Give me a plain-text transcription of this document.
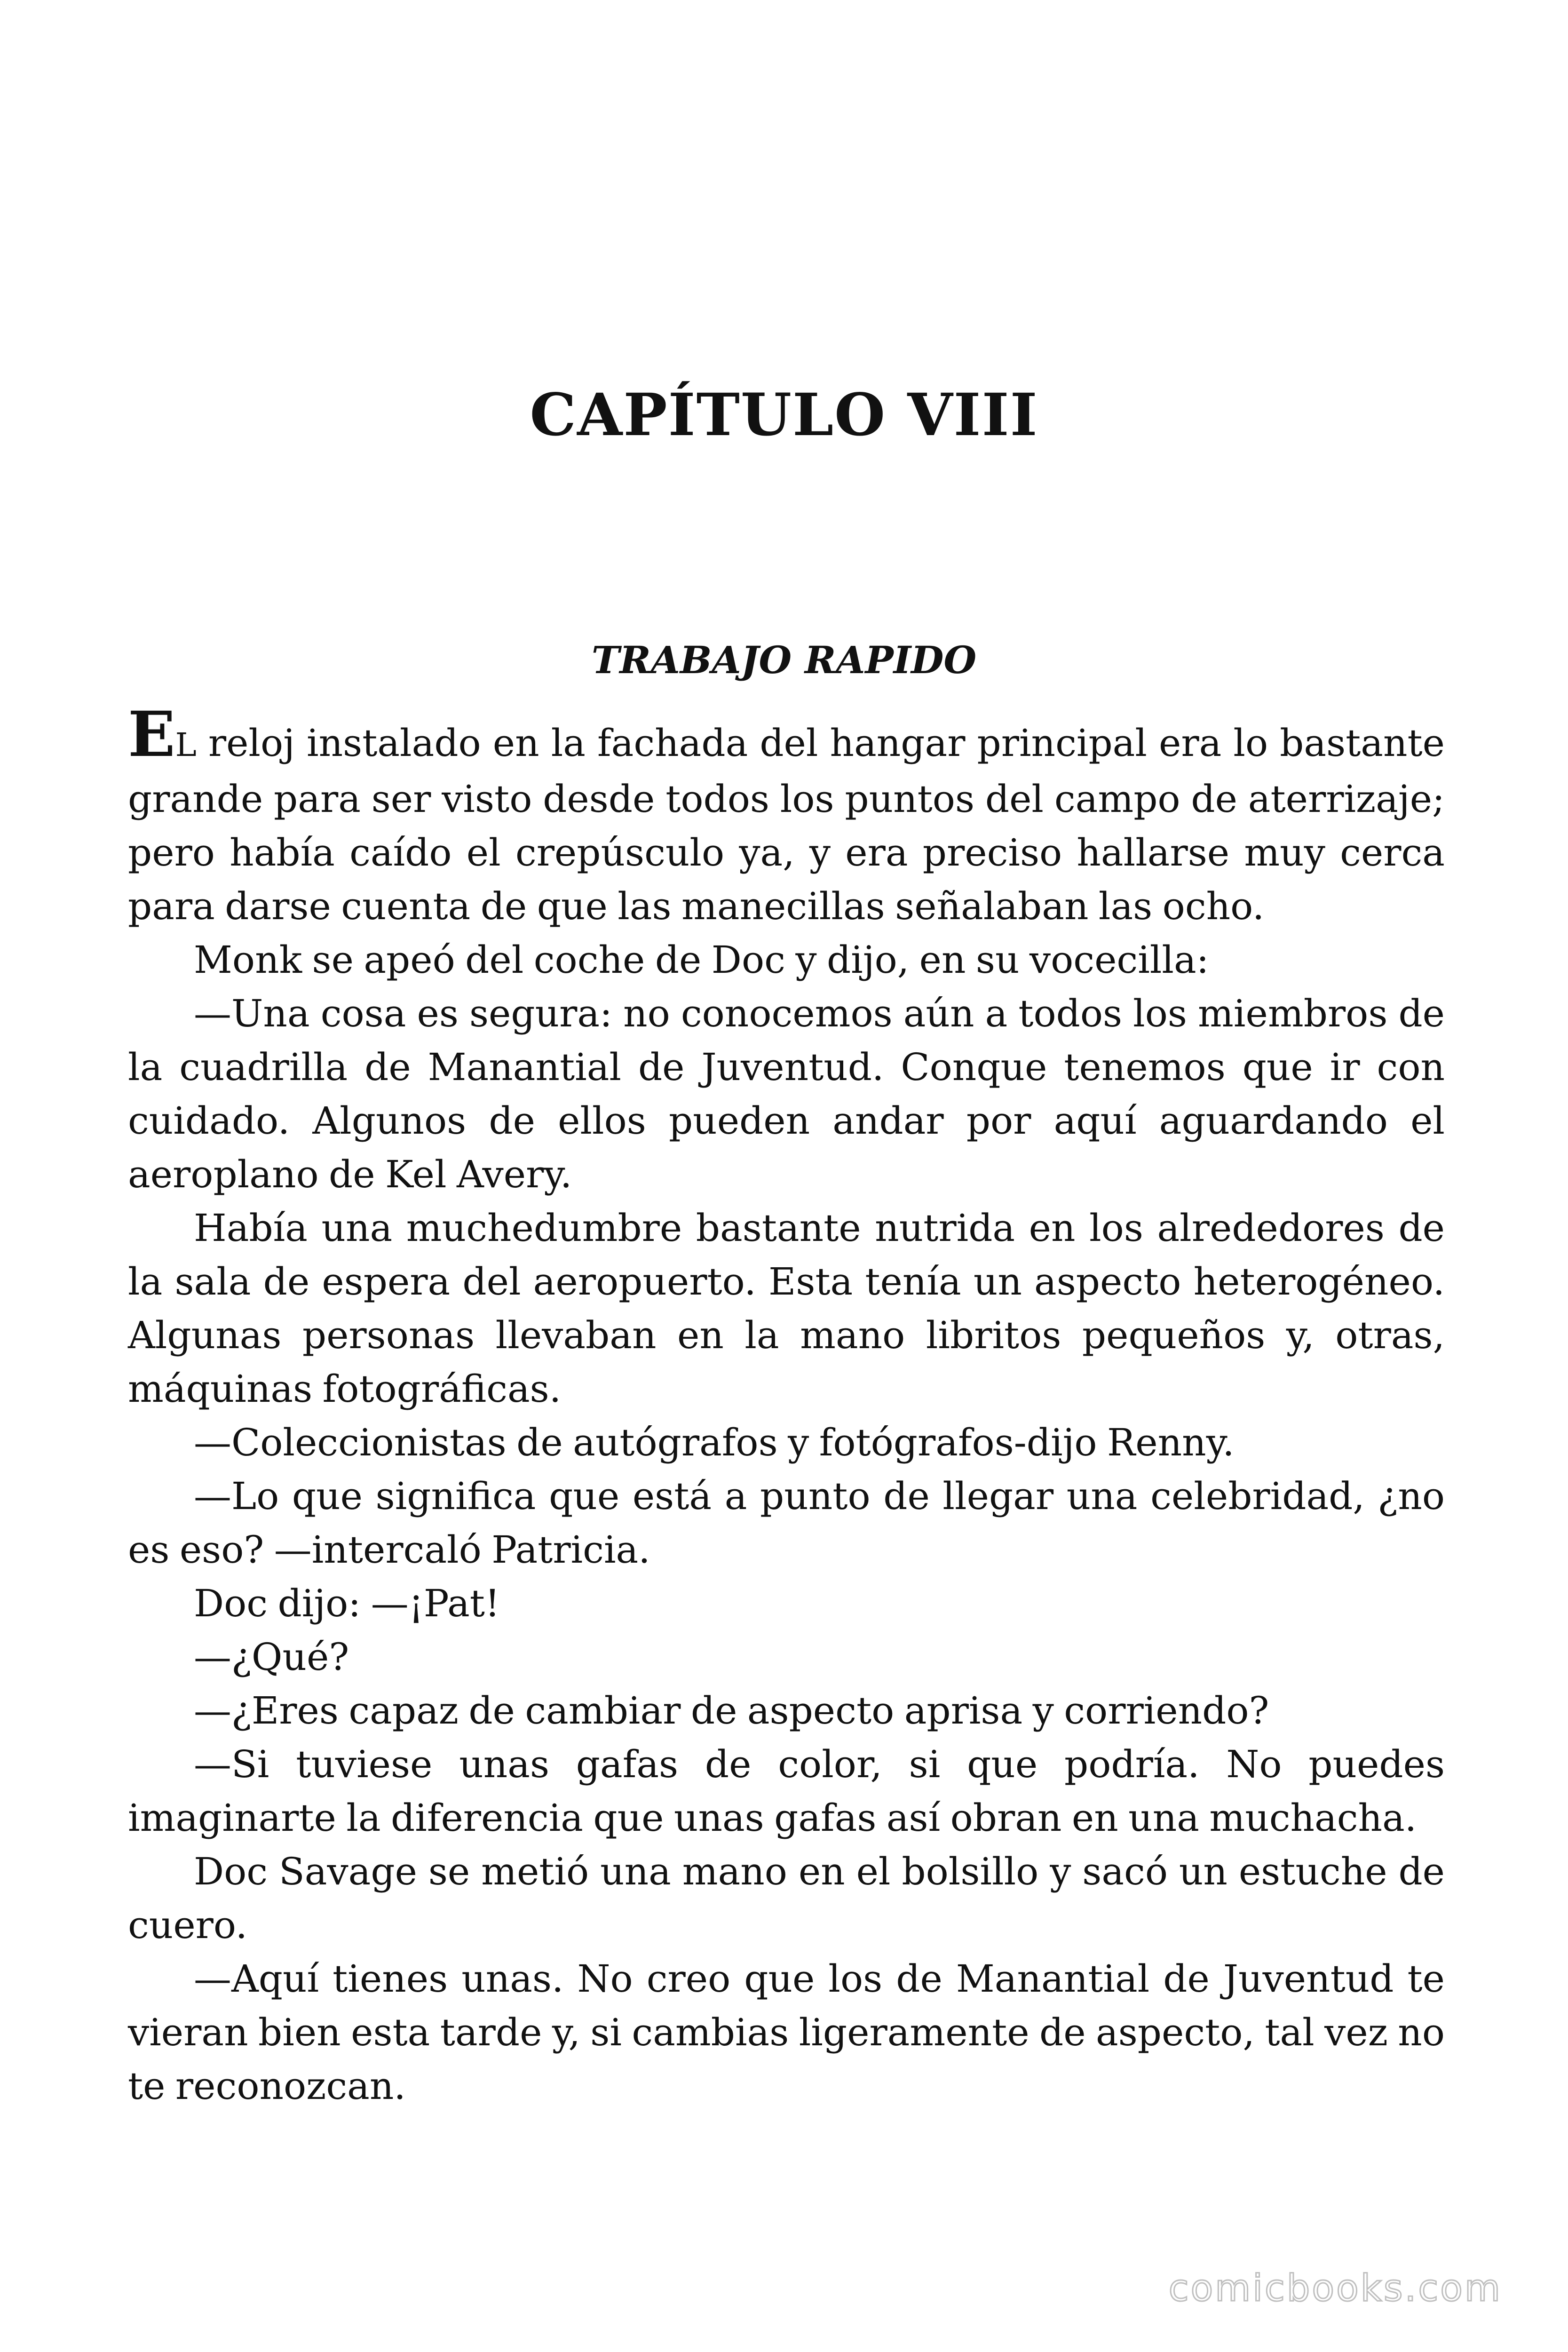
CAPÍTULO VIII
TRABAJO RAPIDO

EL reloj instalado en la fachada del hangar principal era lo bastante grande para ser visto desde todos los puntos del campo de aterrizaje; pero había caído el crepúsculo ya, y era preciso hallarse muy cerca para darse cuenta de que las manecillas señalaban las ocho.

Monk se apeó del coche de Doc y dijo, en su vocecilla:

—Una cosa es segura: no conocemos aún a todos los miembros de la cuadrilla de Manantial de Juventud. Conque tenemos que ir con cuidado. Algunos de ellos pueden andar por aquí aguardando el aeroplano de Kel Avery.

Había una muchedumbre bastante nutrida en los alrededores de la sala de espera del aeropuerto. Esta tenía un aspecto heterogéneo. Algunas personas llevaban en la mano libritos pequeños y, otras, máquinas fotográficas.

—Coleccionistas de autógrafos y fotógrafos-dijo Renny.

—Lo que significa que está a punto de llegar una celebridad, ¿no es eso? —intercaló Patricia.

Doc dijo: —¡Pat!

—¿Qué?

—¿Eres capaz de cambiar de aspecto aprisa y corriendo?

—Si tuviese unas gafas de color, si que podría. No puedes imaginarte la diferencia que unas gafas así obran en una muchacha.

Doc Savage se metió una mano en el bolsillo y sacó un estuche de cuero.

—Aquí tienes unas. No creo que los de Manantial de Juventud te vieran bien esta tarde y, si cambias ligeramente de aspecto, tal vez no te reconozcan.

comicbooks.com
